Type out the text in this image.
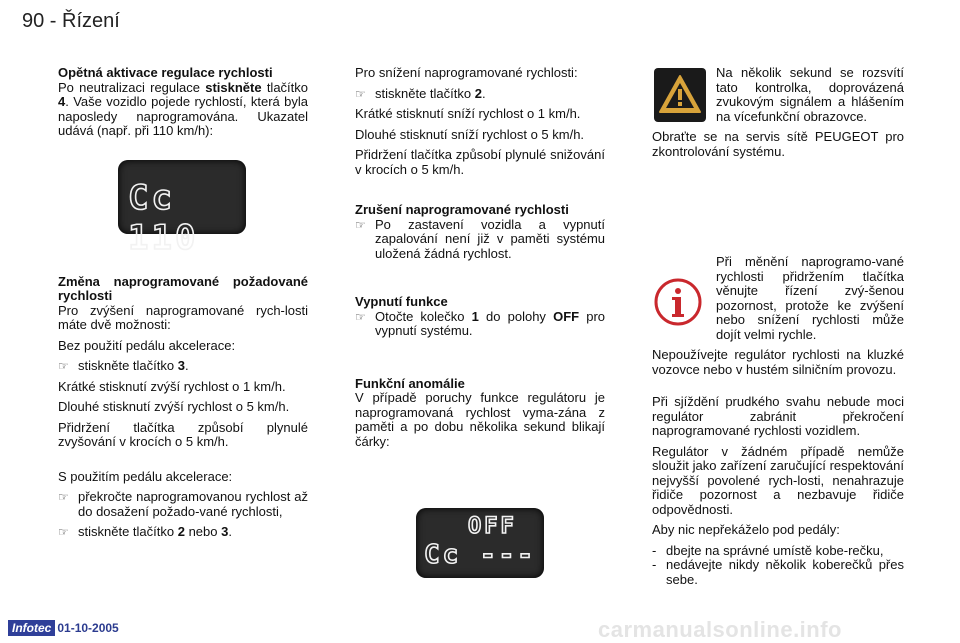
90 - Řízení

Opětná aktivace regulace rychlosti

Po neutralizaci regulace stiskněte tlačítko 4. Vaše vozidlo pojede rychlostí, která byla naposledy naprogramována. Ukazatel udává (např. při 110 km/h):

Změna naprogramované požadované rychlosti

Pro zvýšení naprogramované rych-losti máte dvě možnosti:

Bez použití pedálu akcelerace:

☞ stiskněte tlačítko 3.

Krátké stisknutí zvýší rychlost o 1 km/h.

Dlouhé stisknutí zvýší rychlost o 5 km/h.

Přidržení tlačítka způsobí plynulé zvyšování v krocích o 5 km/h.

S použitím pedálu akcelerace:

☞ překročte naprogramovanou rychlost až do dosažení požado-vané rychlosti,
☞ stiskněte tlačítko 2 nebo 3.
Cc 110

Pro snížení naprogramované rychlosti:

☞ stiskněte tlačítko 2.

Krátké stisknutí sníží rychlost o 1 km/h.

Dlouhé stisknutí sníží rychlost o 5 km/h.

Přidržení tlačítka způsobí plynulé snižování v krocích o 5 km/h.

Zrušení naprogramované rychlosti

☞ Po zastavení vozidla a vypnutí zapalování není již v paměti systému uložená žádná rychlost.

Vypnutí funkce

☞ Otočte kolečko 1 do polohy OFF pro vypnutí systému.

Funkční anomálie

V případě poruchy funkce regulátoru je naprogramovaná rychlost vyma-zána z paměti a po dobu několika sekund blikají čárky:

OFF
Cc ---

Na několik sekund se rozsvítí tato kontrolka, doprovázená zvukovým signálem a hlášením na vícefunkční obrazovce.

Obraťte se na servis sítě PEUGEOT pro zkontrolování systému.

Při měnění naprogramo-vané rychlosti přidržením tlačítka věnujte řízení zvý-šenou pozornost, protože ke zvýšení nebo snížení rychlosti může dojít velmi rychle.

Nepoužívejte regulátor rychlosti na kluzké vozovce nebo v hustém silničním provozu.

Při sjíždění prudkého svahu nebude moci regulátor zabránit překročení naprogramované rychlosti vozidlem.

Regulátor v žádném případě nemůže sloužit jako zařízení zaručující respektování nejvyšší povolené rych-losti, nenahrazuje řidiče pozornost a nezbavuje řidiče odpovědnosti.

Aby nic nepřekáželo pod pedály:

- dbejte na správné umístě kobe-rečku,
- nedávejte nikdy několik koberečků přes sebe.
Infotec 01-10-2005	carmanualsonline.info
